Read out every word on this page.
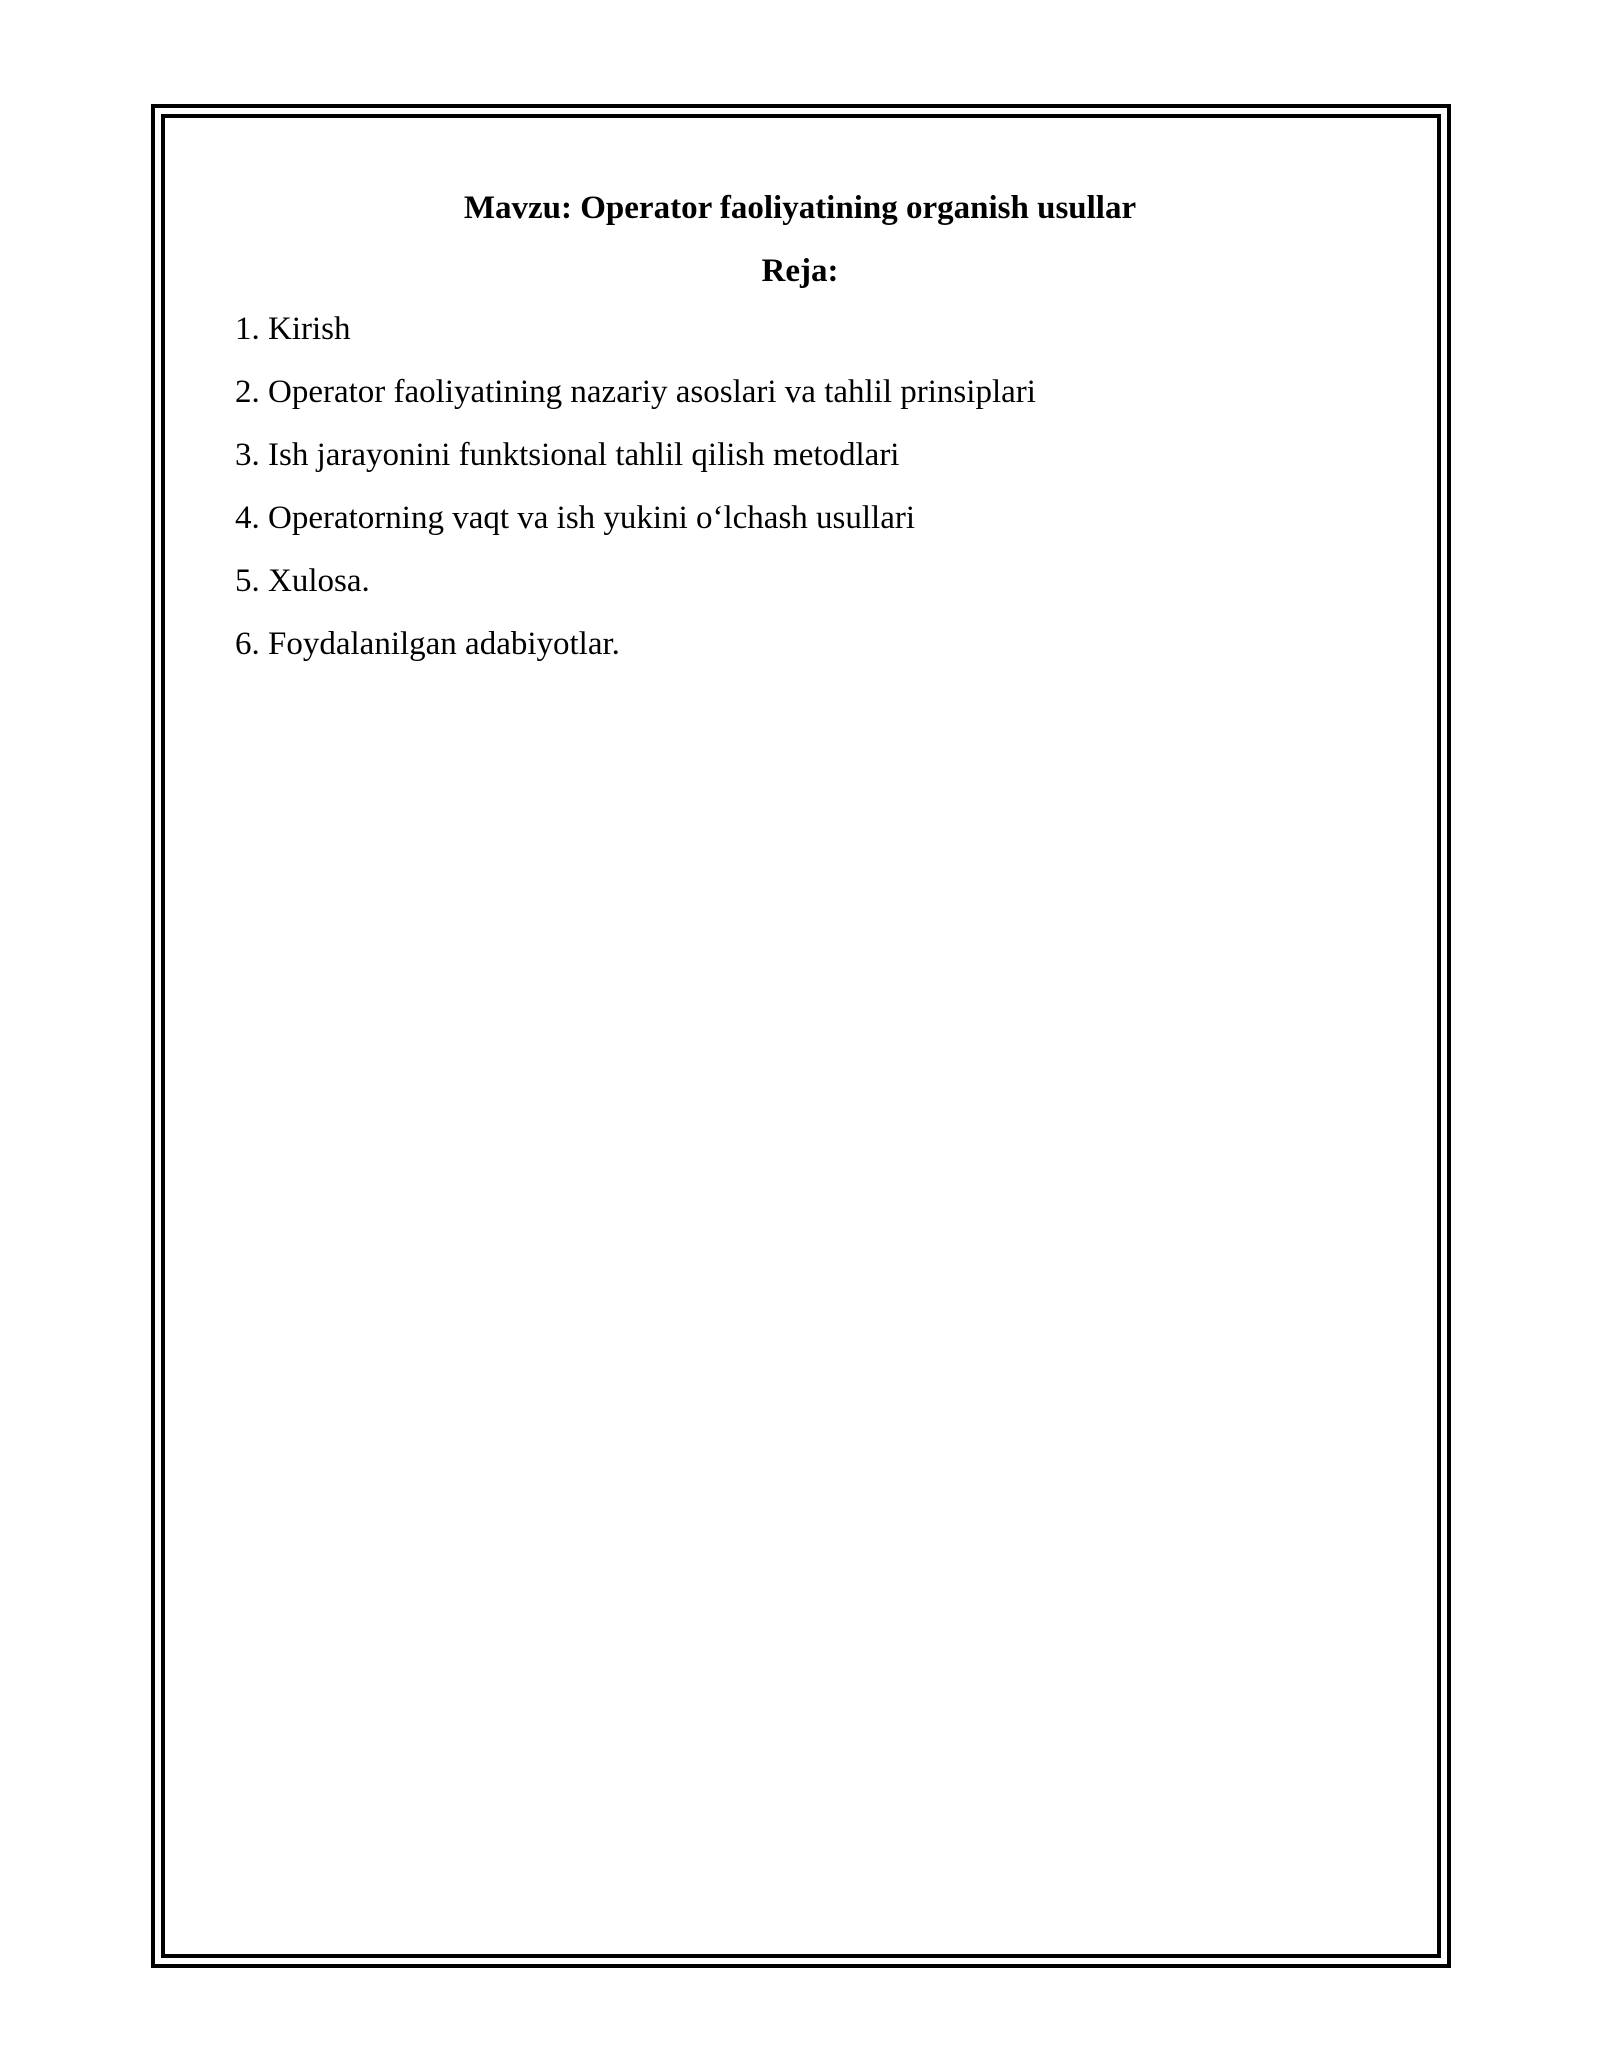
Mavzu: Operator faoliyatining organish usullar
Reja:
1. Kirish
2. Operator faoliyatining nazariy asoslari va tahlil prinsiplari
3. Ish jarayonini funktsional tahlil qilish metodlari
4. Operatorning vaqt va ish yukini o‘lchash usullari
5. Xulosa.
6. Foydalanilgan adabiyotlar.
